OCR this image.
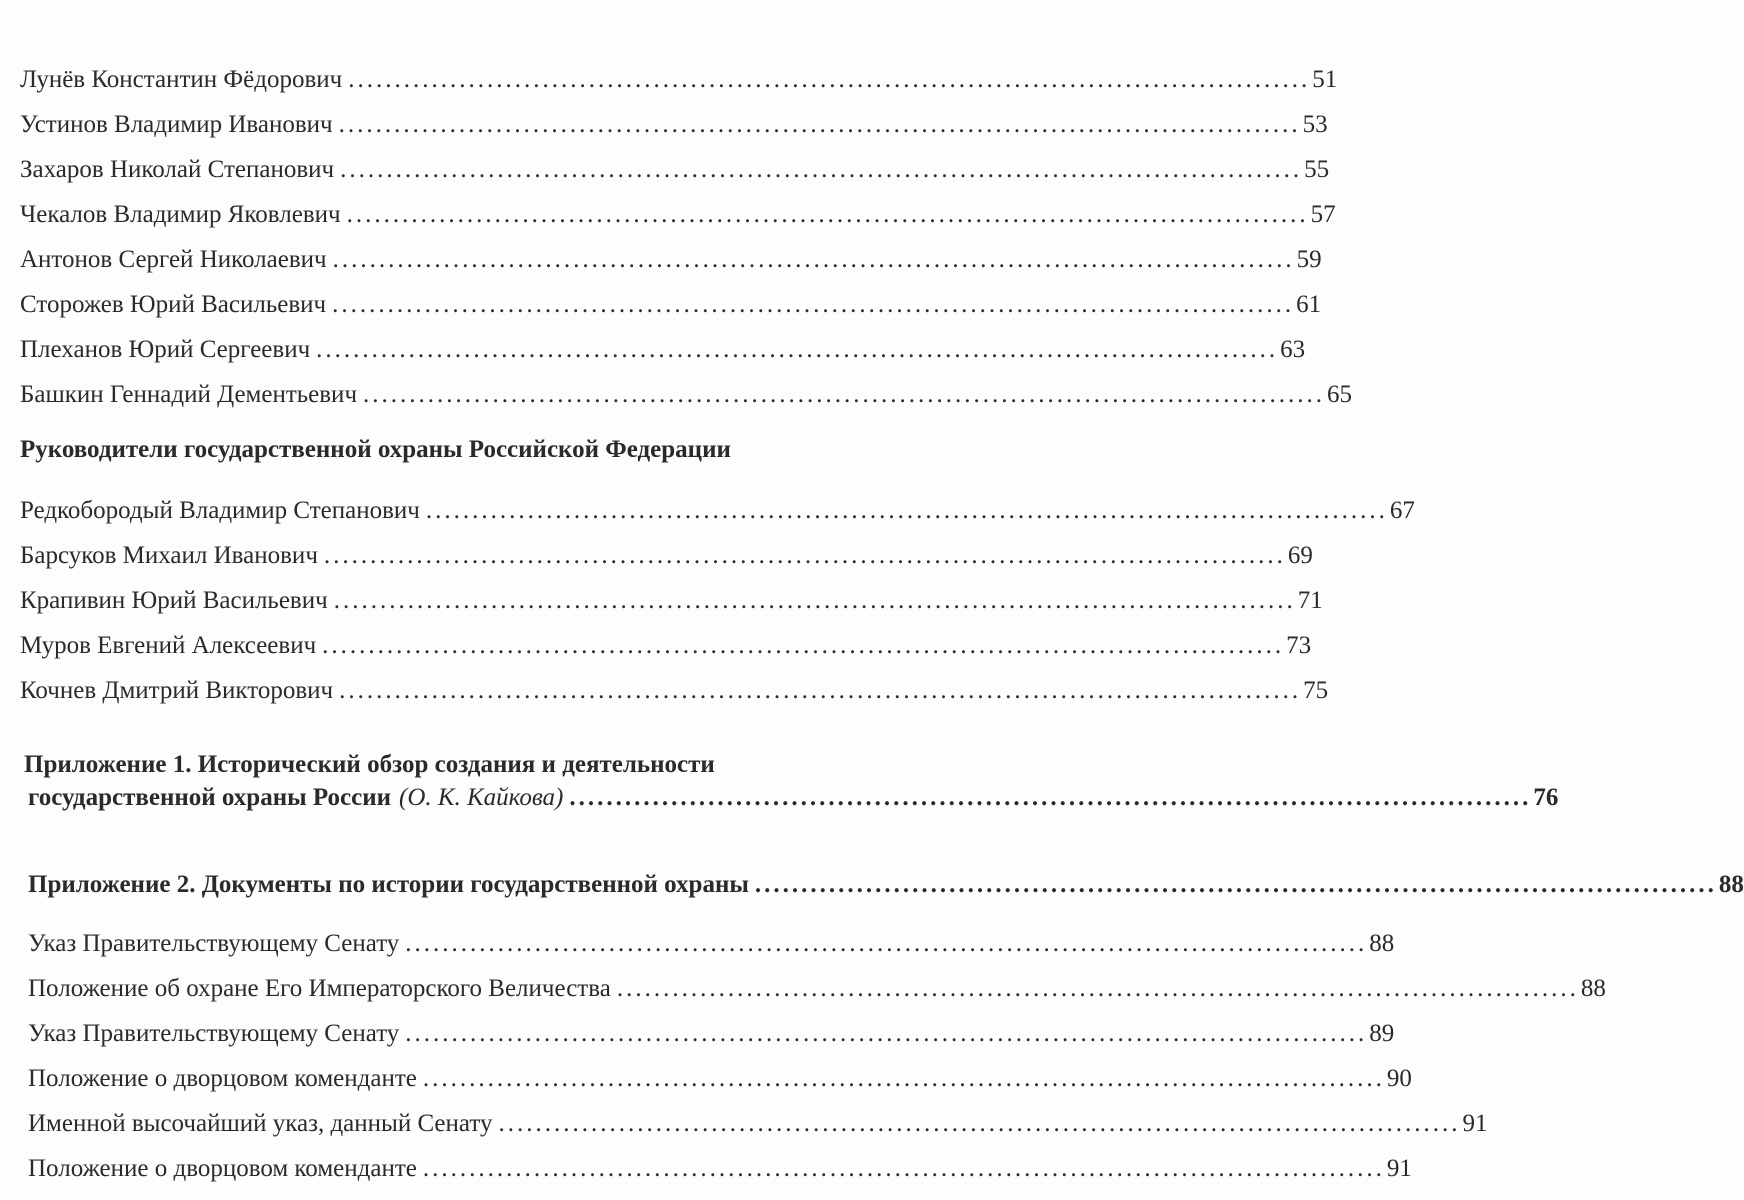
Лунёв Константин Фёдорович ........................................................................................................ 51
Устинов Владимир Иванович ........................................................................................................ 53
Захаров Николай Степанович ........................................................................................................ 55
Чекалов Владимир Яковлевич ........................................................................................................ 57
Антонов Сергей Николаевич ........................................................................................................ 59
Сторожев Юрий Васильевич ........................................................................................................ 61
Плеханов Юрий Сергеевич ........................................................................................................ 63
Башкин Геннадий Дементьевич ........................................................................................................ 65
Руководители государственной охраны Российской Федерации
Редкобородый Владимир Степанович ........................................................................................................ 67
Барсуков Михаил Иванович ........................................................................................................ 69
Крапивин Юрий Васильевич ........................................................................................................ 71
Муров Евгений Алексеевич ........................................................................................................ 73
Кочнев Дмитрий Викторович ........................................................................................................ 75
Приложение 1. Исторический обзор создания и деятельности
государственной охраны России (О. К. Кайкова) ........................................................................................................ 76
Приложение 2. Документы по истории государственной охраны ........................................................................................................ 88
Указ Правительствующему Сенату ........................................................................................................ 88
Положение об охране Его Императорского Величества ........................................................................................................ 88
Указ Правительствующему Сенату ........................................................................................................ 89
Положение о дворцовом коменданте ........................................................................................................ 90
Именной высочайший указ, данный Сенату ........................................................................................................ 91
Положение о дворцовом коменданте ........................................................................................................ 91
